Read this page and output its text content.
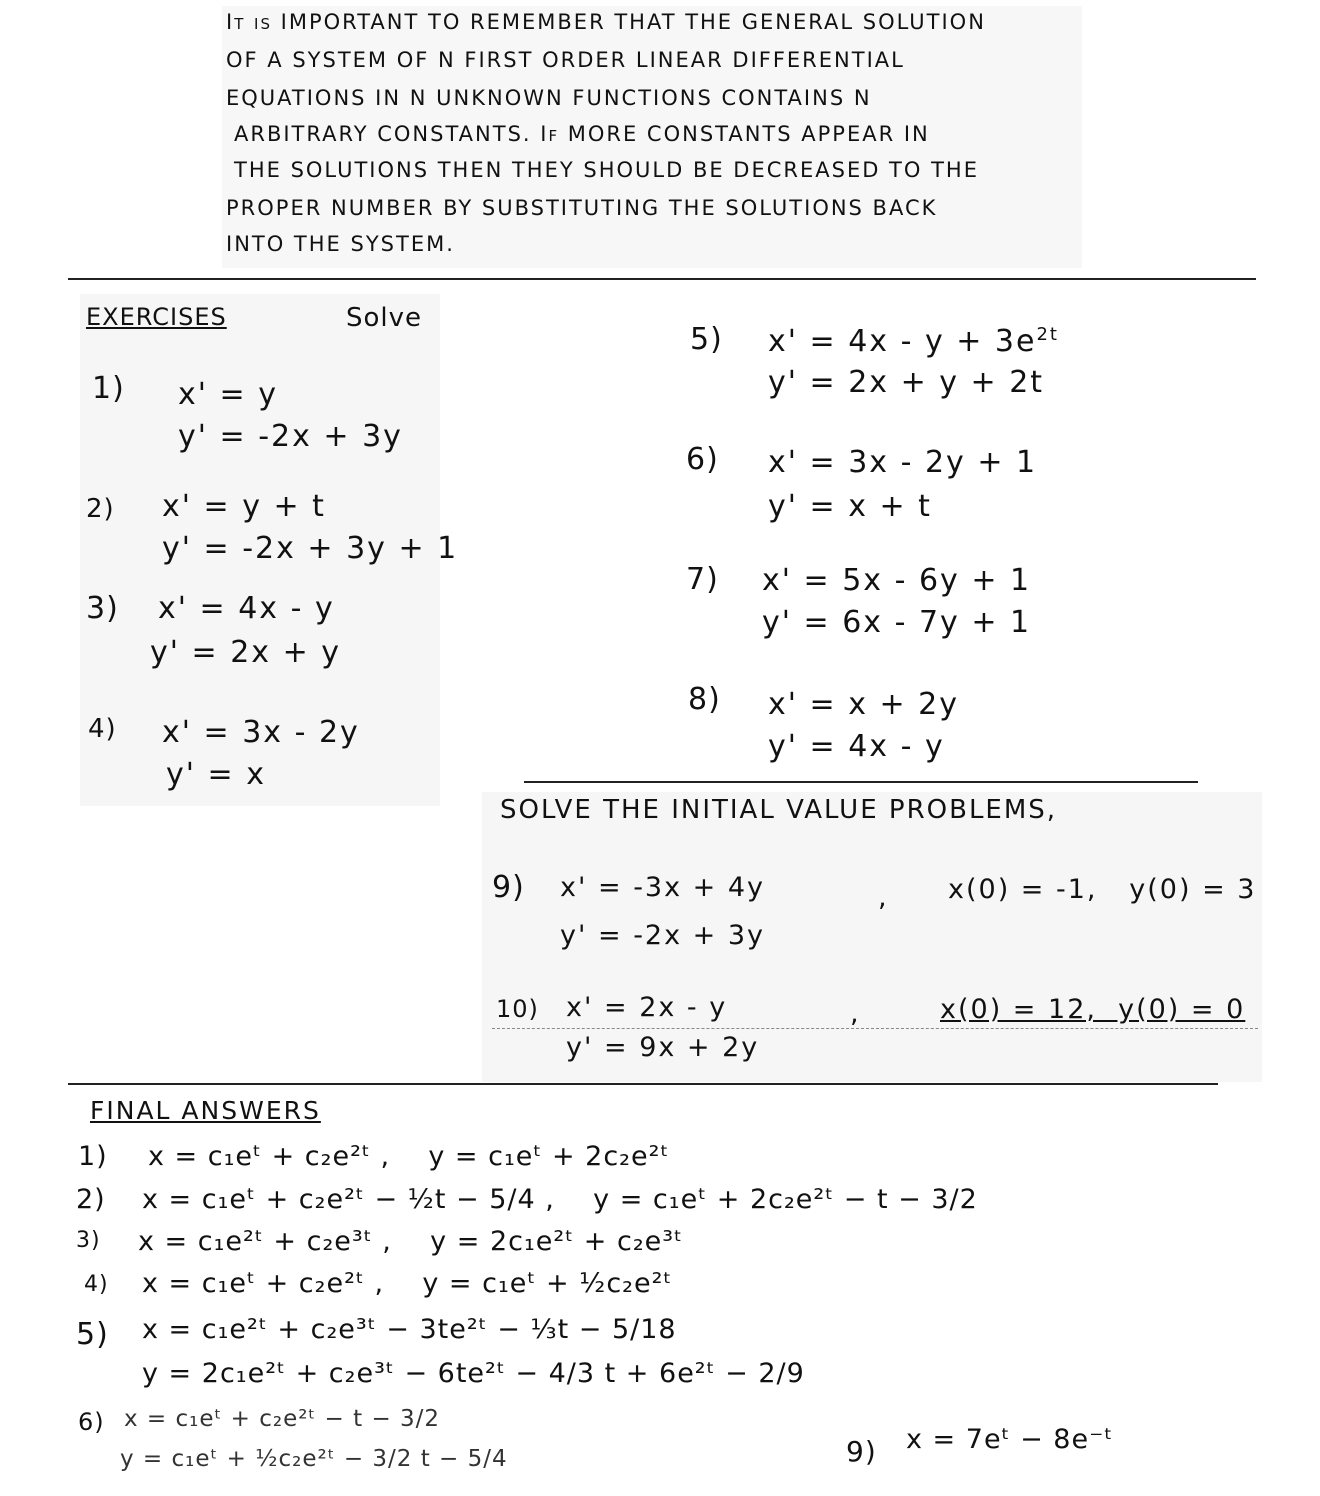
It is IMPORTANT TO REMEMBER THAT THE GENERAL SOLUTION
OF A SYSTEM OF N FIRST ORDER LINEAR DIFFERENTIAL
EQUATIONS IN N UNKNOWN FUNCTIONS CONTAINS N
ARBITRARY CONSTANTS. If MORE CONSTANTS APPEAR IN
THE SOLUTIONS THEN THEY SHOULD BE DECREASED TO THE
PROPER NUMBER BY SUBSTITUTING THE SOLUTIONS BACK
INTO THE SYSTEM.
EXERCISES	Solve
1) x' = y
y' = -2x + 3y
2) x' = y + t
y' = -2x + 3y + 1
3) x' = 4x - y
y' = 2x + y
4) x' = 3x - 2y
y' = x
5) $x' = 4x - y + 3e^{2t}$
y' = 2x + y + 2t
6) x' = 3x - 2y + 1
y' = x + t
7) x' = 5x - 6y + 1
y' = 6x - 7y + 1
8) x' = x + 2y
y' = 4x - y
SOLVE THE INITIAL VALUE PROBLEMS,
9) x' = -3x + 4y
y' = -2x + 3y
, x(0) = -1,   y(0) = 3
10) x' = 2x - y
y' = 9x + 2y
,	x(0) = 12,  y(0) = 0
FINAL ANSWERS
1) x = c₁eᵗ + c₂e²ᵗ ,    y = c₁eᵗ + 2c₂e²ᵗ
2) x = c₁eᵗ + c₂e²ᵗ − ½t − 5/4 ,    y = c₁eᵗ + 2c₂e²ᵗ − t − 3/2
3) x = c₁e²ᵗ + c₂e³ᵗ ,    y = 2c₁e²ᵗ + c₂e³ᵗ
4) x = c₁eᵗ + c₂e²ᵗ ,    y = c₁eᵗ + ½c₂e²ᵗ
5) x = c₁e²ᵗ + c₂e³ᵗ − 3te²ᵗ − ⅓t − 5/18
y = 2c₁e²ᵗ + c₂e³ᵗ − 6te²ᵗ − 4/3 t + 6e²ᵗ − 2/9
6) x = c₁eᵗ + c₂e²ᵗ − t − 3/2
y = c₁eᵗ + ½c₂e²ᵗ − 3/2 t − 5/4	9) x = 7eᵗ − 8e⁻ᵗ
